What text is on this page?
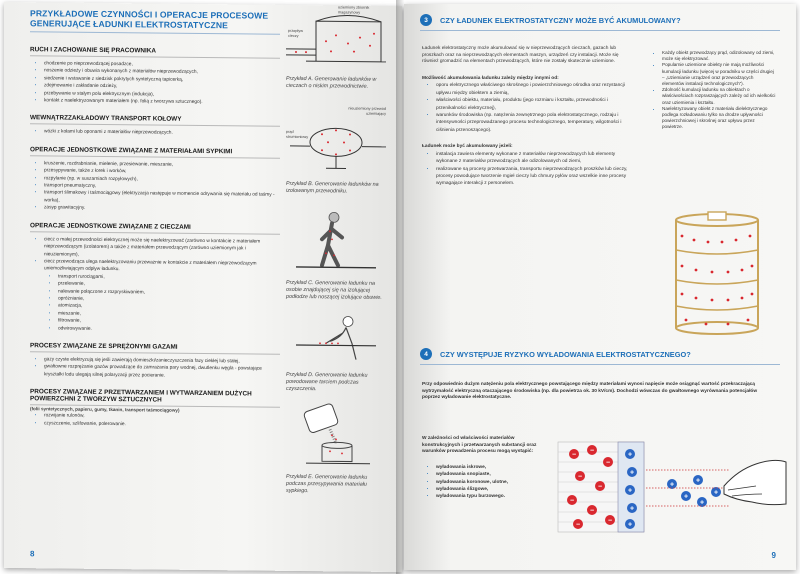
PRZYKŁADOWE CZYNNOŚCI I OPERACJE PROCESOWE GENERUJĄCE ŁADUNKI ELEKTROSTATYCZNE
RUCH I ZACHOWANIE SIĘ PRACOWNIKA
• chodzenie po nieprzewodzącej posadzce,
• noszenie odzieży i obuwia wykonanych z materiałów nieprzewodzących,
• siedzenie i wstawanie z siedzisk pokrytych syntetyczną tapicerką,
• zdejmowanie i zakładanie odzieży,
• przebywanie w stałym polu elektrycznym (indukcja),
• kontakt z naelektryzowanym materiałem (np. folią z tworzywa sztucznego).
WEWNĄTRZZAKŁADOWY TRANSPORT KOŁOWY
• wózki z kołami lub oponami z materiałów nieprzewodzących.
OPERACJE JEDNOSTKOWE ZWIĄZANE Z MATERIAŁAMI SYPKIMI
• kruszenie, rozdrabnianie, mielenie, przesiewanie, mieszanie,
• przesypywanie, także z łorek i worków,
• rozpylanie (np. w suszarniach rozpyłowych),
• transport pneumatyczny,
• transport ślimakowy i taśmociągowy (elektryzacja następuje w momencie odrywania się materiału od taśmy - worka),
• zasyp grawitacyjny.
OPERACJE JEDNOSTKOWE ZWIĄZANE Z CIECZAMI
• ciecz o małej przewodności elektrycznej może się naelektryzować (zarówno w kontakcie z materiałem nieprzewodzącym (izolatorem) a także z materiałem przewodzącym (zarówno uziemionym jak i nieuziemionym),
• ciecz przewodząca ulega naelektryzowaniu przeważnie w kontakcie z materiałem nieprzewodzącym uniemożliwiającym odpływ ładunku.
• transport rurociągami,
• przelewanie,
• nalewanie połączone z rozpryskiwaniem,
• opróżnianie,
• atomizacja,
• mieszanie,
• filtrowanie,
• odwirowywanie.
PROCESY ZWIĄZANE ZE SPRĘŻONYMI GAZAMI
• gazy czyste elektryzują się jeśli zawierają domieszki/zanieczyszczenia fazy ciekłej lub stałej,
• gwałtowne rozprężanie gazów prowadzące do zamrażania pary wodnej, dwutlenku węgla - powstające kryształki lodu ulegają silnej polaryzacji przez pocieranie.
PROCESY ZWIĄZANE Z PRZETWARZANIEM I WYTWARZANIEM DUŻYCH POWIERZCHNI Z TWORZYW SZTUCZNYCH
(folii syntetycznych, papieru, gumy, tkanin, transport taśmociągowy)
• rozwijanie rulonów,
• czyszczenie, szlifowanie, polerowanie.
uziemiony zbiornik magazynowy
przepływ cieczy
Przykład A. Generowanie ładunków w cieczach o niskim przewodnictwie.
nieuziemiony przewód uziemiający
prąd strumieniowy
Przykład B. Generowanie ładunków na izolowanym przewodniku.
Przykład C. Generowanie ładunku na osobie znajdującej się na izolującej podłodze lub noszącej izolujące obuwie.
Przykład D. Generowanie ładunku powodowane tarciem podczas czyszczenia.
Przykład E. Generowanie ładunku podczas przesypywania materiału sypkiego.
8
3	CZY ŁADUNEK ELEKTROSTATYCZNY MOŻE BYĆ AKUMULOWANY?
Ładunek elektrostatyczny może akumulować się w nieprzewodzących cieczach, gazach lub proszkach oraz na nieprzewodzących elementach maszyn, urządzeń czy instalacji. Może się również gromadzić na elementach przewodzących, które nie zostały skutecznie uziemione.
Możliwość akumulowania ładunku zależy między innymi od:
• oporu elektrycznego właściwego skrośnego i powierzchniowego ośrodka oraz rezystancji upływu między obiektem a ziemią,
• właściwości obiektu, materiału, produktu (jego rozmiaru i kształtu, przewodności i przenikalności elektrycznej),
• warunków środowiska (np. natężenia zewnętrznego pola elektrostatycznego, rodzaju i intensywności przeprowadzanego procesu technologicznego, temperatury, wilgotności i ciśnienia przenoszącego).
Ładunek może być akumulowany jeżeli:
• instalacja zawiera elementy wykonane z materiałów nieprzewodzących lub elementy wykonane z materiałów przewodzących ale odizolowanych od ziemi,
• realizowane są procesy przetwarzania, transportu nieprzewodzących proszków lub cieczy, procesy powodujące tworzenie mgieł cieczy lub chmury pyłów oraz wszelkie inne procesy wymagające interakcji z personelem.
• Każdy obiekt przewodzący prąd, odizolowany od ziemi, może się elektryzować.
• Popularnie uziemione obiekty nie mają możliwości kumulacji ładunku (więcej w poradniku w części drugiej – „Uziemianie urządzeń oraz przewodzących elementów instalacji technologicznych”).
• Zdolność kumulacji ładunku na obiektach o właściwościach rozpraszających zależy od ich wielkości oraz uziemienia i kształtu.
• Naelektryzowany obiekt z materiału dielektrycznego podlega rozładowaniu tylko na drodze upływności powierzchniowej i skrośnej oraz upływu przez powietrze.
4	CZY WYSTĘPUJE RYZYKO WYŁADOWANIA ELEKTROSTATYCZNEGO?
Przy odpowiednio dużym natężeniu pola elektrycznego powstającego między materiałami wynosi napięcie może osiągnąć wartość przekraczającą wytrzymałość elektryczną otaczającego środowiska (np. dla powietrza ok. 30 kV/cm). Dochodzi wówczas do gwałtownego wyrównania potencjałów poprzez wyładowanie elektrostatyczne.
W zależności od właściwości materiałów konstrukcyjnych i przetwarzanych substancji oraz warunków prowadzenia procesu mogą wystąpić:
• wyładowania iskrowe,
• wyładowania snopiaste,
• wyładowania koronowe, ulotne,
• wyładowania ślizgowe,
• wyładowania typu burzowego.
−
−
−
−
−
−
−
−
−
+
+
+
+
+
+
+
+
+
+
9
